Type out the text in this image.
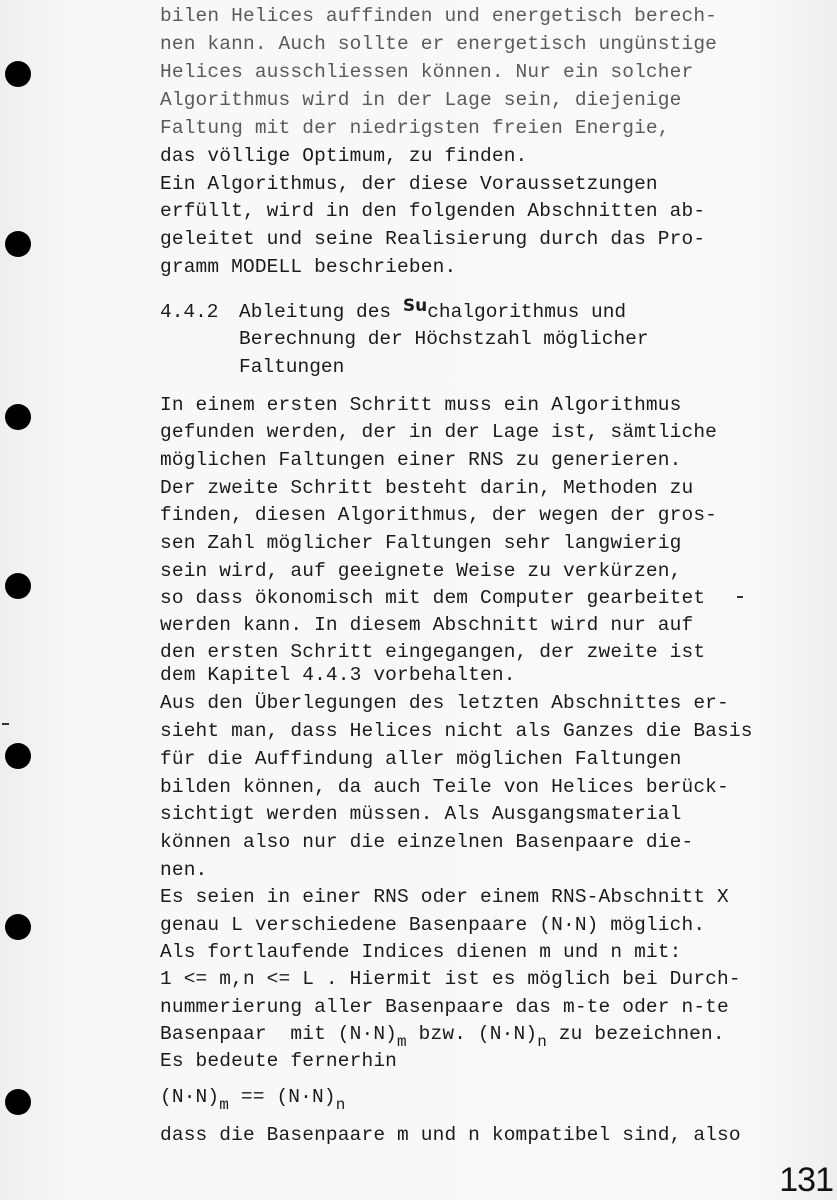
bilen Helices auffinden und energetisch berech-
nen kann. Auch sollte er energetisch ungünstige
Helices ausschliessen können. Nur ein solcher
Algorithmus wird in der Lage sein, diejenige
Faltung mit der niedrigsten freien Energie,
das völlige Optimum, zu finden.
Ein Algorithmus, der diese Voraussetzungen
erfüllt, wird in den folgenden Abschnitten ab-
geleitet und seine Realisierung durch das Pro-
gramm MODELL beschrieben.
4.4.2 Ableitung des Suchalgorithmus und
Berechnung der Höchstzahl möglicher
Faltungen
In einem ersten Schritt muss ein Algorithmus
gefunden werden, der in der Lage ist, sämtliche
möglichen Faltungen einer RNS zu generieren.
Der zweite Schritt besteht darin, Methoden zu
finden, diesen Algorithmus, der wegen der gros-
sen Zahl möglicher Faltungen sehr langwierig
sein wird, auf geeignete Weise zu verkürzen,
so dass ökonomisch mit dem Computer gearbeitet
werden kann. In diesem Abschnitt wird nur auf
den ersten Schritt eingegangen, der zweite ist
dem Kapitel 4.4.3 vorbehalten.
Aus den Überlegungen des letzten Abschnittes er-
sieht man, dass Helices nicht als Ganzes die Basis
für die Auffindung aller möglichen Faltungen
bilden können, da auch Teile von Helices berück-
sichtigt werden müssen. Als Ausgangsmaterial
können also nur die einzelnen Basenpaare die-
nen.
Es seien in einer RNS oder einem RNS-Abschnitt X
genau L verschiedene Basenpaare (N·N) möglich.
Als fortlaufende Indices dienen m und n mit:
1 <= m,n <= L . Hiermit ist es möglich bei Durch-
nummerierung aller Basenpaare das m-te oder n-te
Basenpaar  mit $(N\cdot N)_m$ bzw. $(N\cdot N)_n$ zu bezeichnen.
Es bedeute fernerhin
$(N\cdot N)_m == (N\cdot N)_n$
dass die Basenpaare m und n kompatibel sind, also
131
